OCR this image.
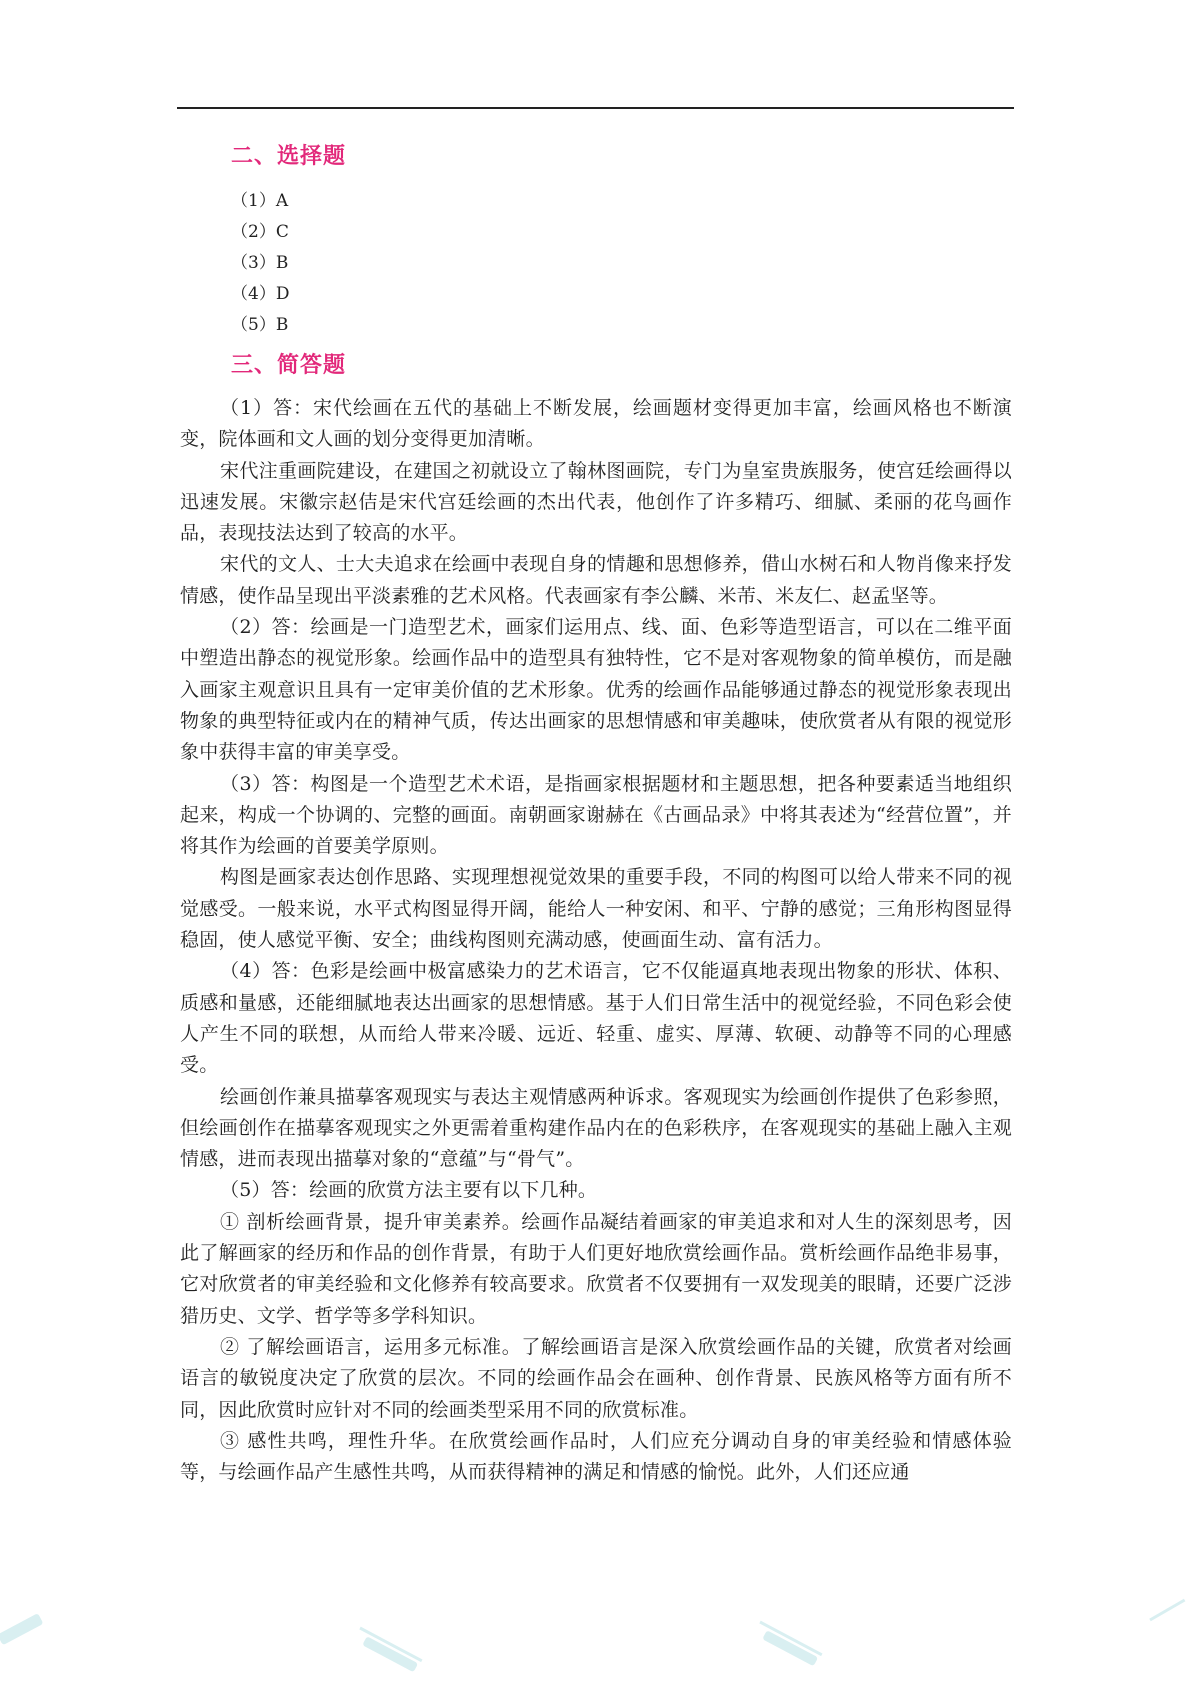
二、选择题

（1）A

（2）C

（3）B

（4）D

（5）B

三、简答题

（1）答：宋代绘画在五代的基础上不断发展，绘画题材变得更加丰富，绘画风格也不断演变，院体画和文人画的划分变得更加清晰。

宋代注重画院建设，在建国之初就设立了翰林图画院，专门为皇室贵族服务，使宫廷绘画得以迅速发展。宋徽宗赵佶是宋代宫廷绘画的杰出代表，他创作了许多精巧、细腻、柔丽的花鸟画作品，表现技法达到了较高的水平。

宋代的文人、士大夫追求在绘画中表现自身的情趣和思想修养，借山水树石和人物肖像来抒发情感，使作品呈现出平淡素雅的艺术风格。代表画家有李公麟、米芾、米友仁、赵孟坚等。

（2）答：绘画是一门造型艺术，画家们运用点、线、面、色彩等造型语言，可以在二维平面中塑造出静态的视觉形象。绘画作品中的造型具有独特性，它不是对客观物象的简单模仿，而是融入画家主观意识且具有一定审美价值的艺术形象。优秀的绘画作品能够通过静态的视觉形象表现出物象的典型特征或内在的精神气质，传达出画家的思想情感和审美趣味，使欣赏者从有限的视觉形象中获得丰富的审美享受。

（3）答：构图是一个造型艺术术语，是指画家根据题材和主题思想，把各种要素适当地组织起来，构成一个协调的、完整的画面。南朝画家谢赫在《古画品录》中将其表述为“经营位置”，并将其作为绘画的首要美学原则。

构图是画家表达创作思路、实现理想视觉效果的重要手段，不同的构图可以给人带来不同的视觉感受。一般来说，水平式构图显得开阔，能给人一种安闲、和平、宁静的感觉；三角形构图显得稳固，使人感觉平衡、安全；曲线构图则充满动感，使画面生动、富有活力。

（4）答：色彩是绘画中极富感染力的艺术语言，它不仅能逼真地表现出物象的形状、体积、质感和量感，还能细腻地表达出画家的思想情感。基于人们日常生活中的视觉经验，不同色彩会使人产生不同的联想，从而给人带来冷暖、远近、轻重、虚实、厚薄、软硬、动静等不同的心理感受。

绘画创作兼具描摹客观现实与表达主观情感两种诉求。客观现实为绘画创作提供了色彩参照，但绘画创作在描摹客观现实之外更需着重构建作品内在的色彩秩序，在客观现实的基础上融入主观情感，进而表现出描摹对象的“意蕴”与“骨气”。

（5）答：绘画的欣赏方法主要有以下几种。

① 剖析绘画背景，提升审美素养。绘画作品凝结着画家的审美追求和对人生的深刻思考，因此了解画家的经历和作品的创作背景，有助于人们更好地欣赏绘画作品。赏析绘画作品绝非易事，它对欣赏者的审美经验和文化修养有较高要求。欣赏者不仅要拥有一双发现美的眼睛，还要广泛涉猎历史、文学、哲学等多学科知识。

② 了解绘画语言，运用多元标准。了解绘画语言是深入欣赏绘画作品的关键，欣赏者对绘画语言的敏锐度决定了欣赏的层次。不同的绘画作品会在画种、创作背景、民族风格等方面有所不同，因此欣赏时应针对不同的绘画类型采用不同的欣赏标准。

③ 感性共鸣，理性升华。在欣赏绘画作品时，人们应充分调动自身的审美经验和情感体验等，与绘画作品产生感性共鸣，从而获得精神的满足和情感的愉悦。此外，人们还应通
